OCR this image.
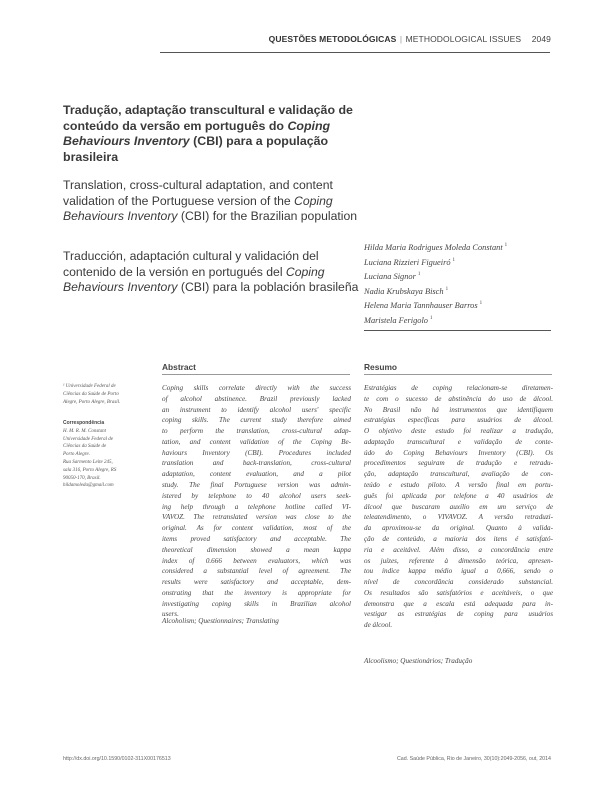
QUESTÕES METODOLÓGICAS | METHODOLOGICAL ISSUES 2049
Tradução, adaptação transcultural e validação de conteúdo da versão em português do Coping Behaviours Inventory (CBI) para a população brasileira
Translation, cross-cultural adaptation, and content validation of the Portuguese version of the Coping Behaviours Inventory (CBI) for the Brazilian population
Traducción, adaptación cultural y validación del contenido de la versión en portugués del Coping Behaviours Inventory (CBI) para la población brasileña
Hilda Maria Rodrigues Moleda Constant $^1$
Luciana Rizzieri Figueiró $^1$
Luciana Signor $^1$
Nadia Krubskaya Bisch $^1$
Helena Maria Tannhauser Barros $^1$
Maristela Ferigolo $^1$
Abstract	Resumo
¹ Universidade Federal de
Ciências da Saúde de Porto
Alegre, Porto Alegre, Brasil.
Correspondência
H. M. R. M. Constant
Universidade Federal de
Ciências da Saúde de
Porto Alegre.
Rua Sarmento Leite 245,
sala 316, Porto Alegre, RS
90050-170, Brasil.
hildamoleda@gmail.com
Coping skills correlate directly with the success
of alcohol abstinence. Brazil previously lacked
an instrument to identify alcohol users' specific
coping skills. The current study therefore aimed
to perform the translation, cross-cultural adap-
tation, and content validation of the Coping Be-
haviours Inventory (CBI). Procedures included
translation and back-translation, cross-cultural
adaptation, content evaluation, and a pilot
study. The final Portuguese version was admin-
istered by telephone to 40 alcohol users seek-
ing help through a telephone hotline called VI-
VAVOZ. The retranslated version was close to the
original. As for content validation, most of the
items proved satisfactory and acceptable. The
theoretical dimension showed a mean kappa
index of 0.666 between evaluators, which was
considered a substantial level of agreement. The
results were satisfactory and acceptable, dem-
onstrating that the inventory is appropriate for
investigating coping skills in Brazilian alcohol
users.
Alcoholism; Questionnaires; Translating
Estratégias de coping relacionam-se diretamen-
te com o sucesso de abstinência do uso de álcool.
No Brasil não há instrumentos que identifiquem
estratégias específicas para usuários de álcool.
O objetivo deste estudo foi realizar a tradução,
adaptação transcultural e validação de conte-
údo do Coping Behaviours Inventory (CBI). Os
procedimentos seguiram de tradução e retradu-
ção, adaptação transcultural, avaliação de con-
teúdo e estudo piloto. A versão final em portu-
guês foi aplicada por telefone a 40 usuários de
álcool que buscaram auxílio em um serviço de
teleatendimento, o VIVAVOZ. A versão retraduzi-
da aproximou-se da original. Quanto à valida-
ção de conteúdo, a maioria dos itens é satisfató-
ria e aceitável. Além disso, a concordância entre
os juízes, referente à dimensão teórica, apresen-
tou índice kappa médio igual a 0,666, sendo o
nível de concordância considerado substancial.
Os resultados são satisfatórios e aceitáveis, o que
demonstra que a escala está adequada para in-
vestigar as estratégias de coping para usuários
de álcool.
Alcoolismo; Questionários; Tradução
http://dx.doi.org/10.1590/0102-311X00176513	Cad. Saúde Pública, Rio de Janeiro, 30(10):2049-2056, out, 2014
